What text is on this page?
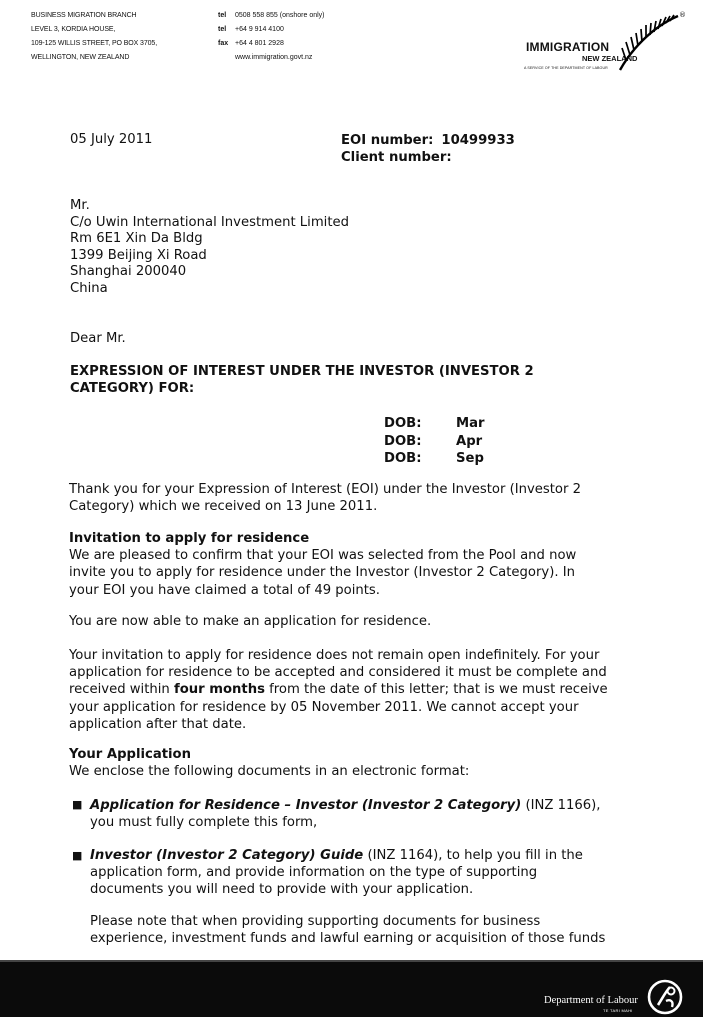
BUSINESS MIGRATION BRANCH
LEVEL 3, KORDIA HOUSE,
109-125 WILLIS STREET, PO BOX 3705,
WELLINGTON, NEW ZEALAND
tel 0508 558 855 (onshore only)
tel +64 9 914 4100
fax +64 4 801 2928
www.immigration.govt.nz
IMMIGRATION
NEW ZEALAND
A SERVICE OF THE DEPARTMENT OF LABOUR
®
05 July 2011	EOI number: 10499933
Client number:
Mr.
C/o Uwin International Investment Limited
Rm 6E1 Xin Da Bldg
1399 Beijing Xi Road
Shanghai 200040
China
Dear Mr.
EXPRESSION OF INTEREST UNDER THE INVESTOR (INVESTOR 2
CATEGORY) FOR:
DOB:	Mar
DOB:	Apr
DOB:	Sep
Thank you for your Expression of Interest (EOI) under the Investor (Investor 2
Category) which we received on 13 June 2011.
Invitation to apply for residence
We are pleased to confirm that your EOI was selected from the Pool and now
invite you to apply for residence under the Investor (Investor 2 Category). In
your EOI you have claimed a total of 49 points.
You are now able to make an application for residence.
Your invitation to apply for residence does not remain open indefinitely. For your
application for residence to be accepted and considered it must be complete and
received within four months from the date of this letter; that is we must receive
your application for residence by 05 November 2011. We cannot accept your
application after that date.
Your Application
We enclose the following documents in an electronic format:
■ Application for Residence – Investor (Investor 2 Category) (INZ 1166),
you must fully complete this form,
■ Investor (Investor 2 Category) Guide (INZ 1164), to help you fill in the
application form, and provide information on the type of supporting
documents you will need to provide with your application.
Please note that when providing supporting documents for business
experience, investment funds and lawful earning or acquisition of those funds
Department of Labour
TE TARI MAHI
